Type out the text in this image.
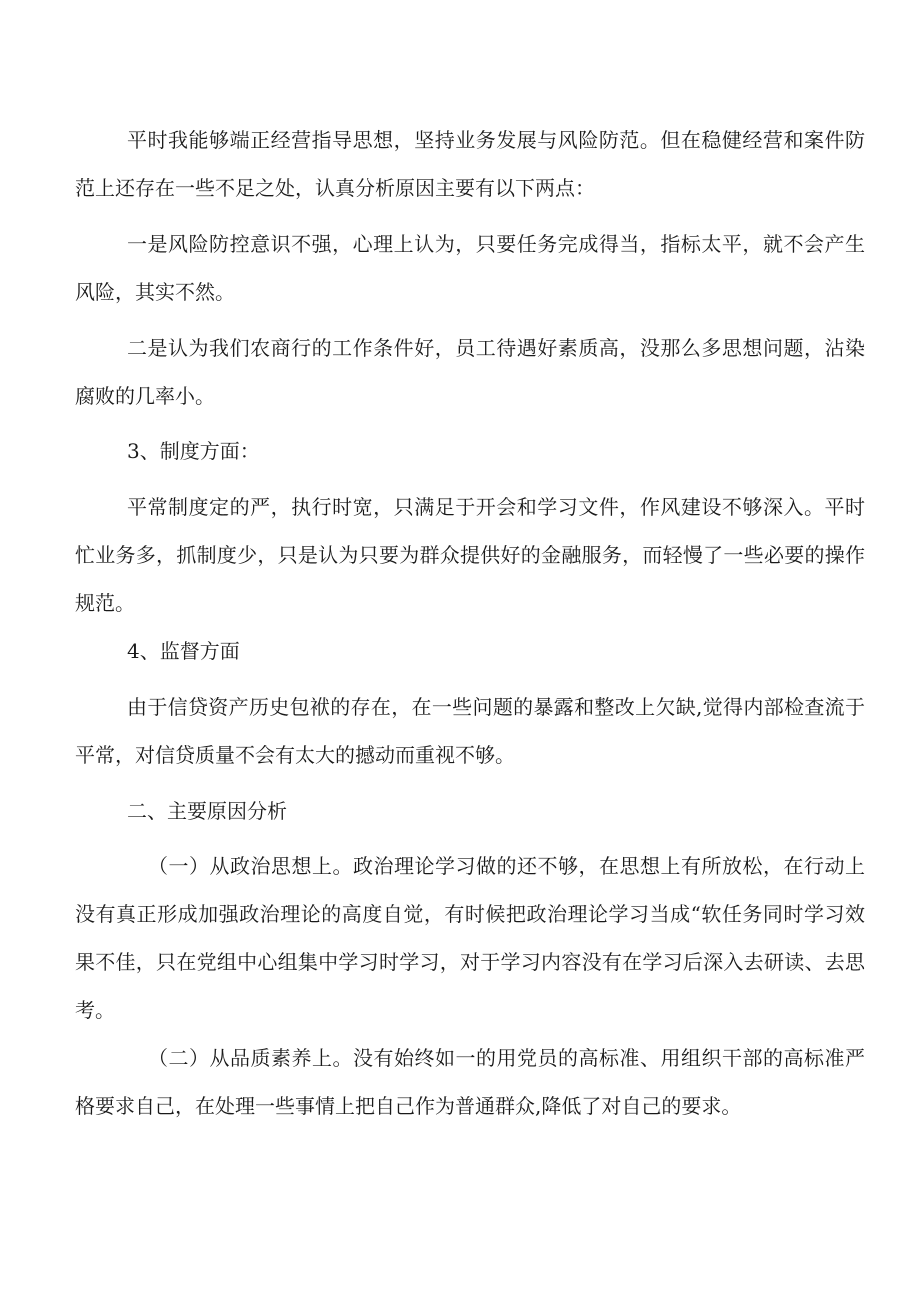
平时我能够端正经营指导思想，坚持业务发展与风险防范。但在稳健经营和案件防范上还存在一些不足之处，认真分析原因主要有以下两点：

一是风险防控意识不强，心理上认为，只要任务完成得当，指标太平，就不会产生风险，其实不然。

二是认为我们农商行的工作条件好，员工待遇好素质高，没那么多思想问题，沾染腐败的几率小。

3、制度方面：

平常制度定的严，执行时宽，只满足于开会和学习文件，作风建设不够深入。平时忙业务多，抓制度少，只是认为只要为群众提供好的金融服务，而轻慢了一些必要的操作规范。

4、监督方面

由于信贷资产历史包袱的存在，在一些问题的暴露和整改上欠缺,觉得内部检查流于平常，对信贷质量不会有太大的撼动而重视不够。

二、主要原因分析

（一）从政治思想上。政治理论学习做的还不够，在思想上有所放松，在行动上没有真正形成加强政治理论的高度自觉，有时候把政治理论学习当成“软任务同时学习效果不佳，只在党组中心组集中学习时学习，对于学习内容没有在学习后深入去研读、去思考。

（二）从品质素养上。没有始终如一的用党员的高标准、用组织干部的高标准严格要求自己，在处理一些事情上把自己作为普通群众,降低了对自己的要求。
